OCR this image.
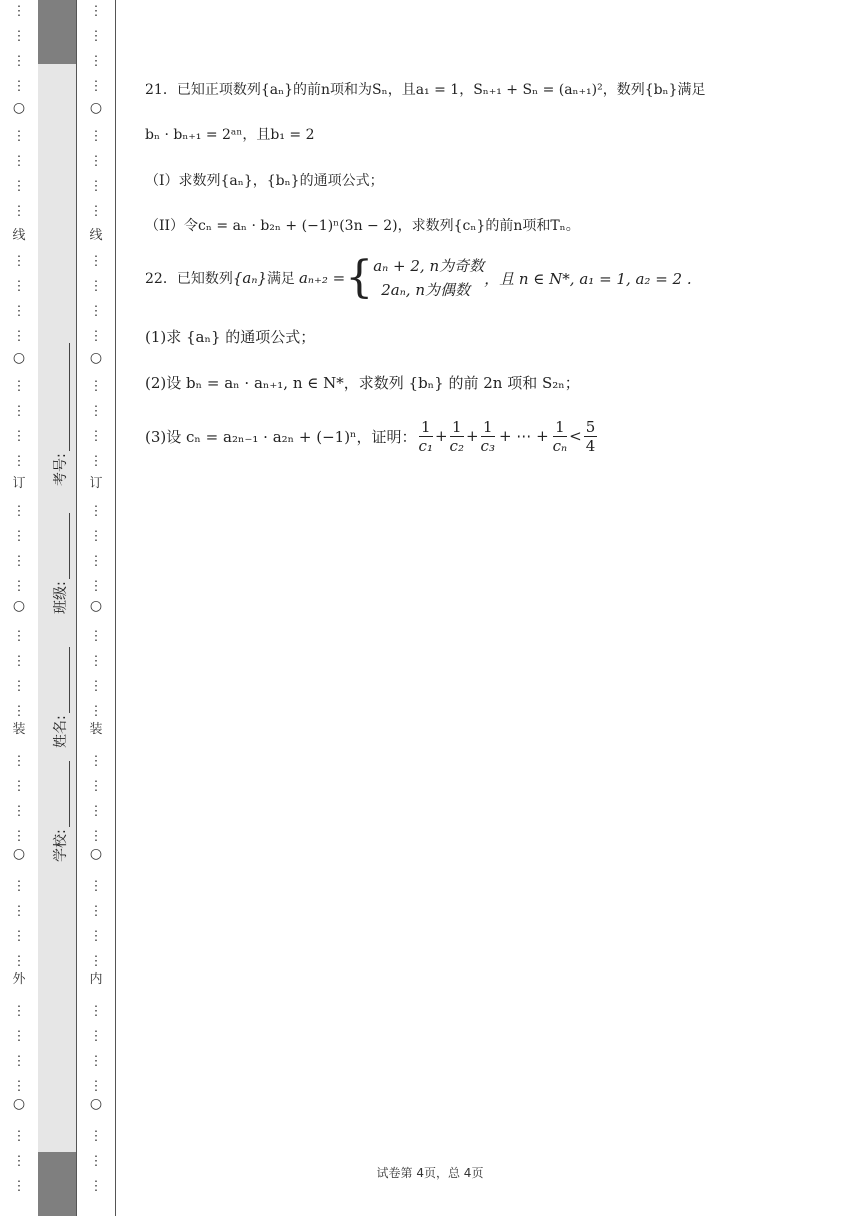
⋮
⋮
⋮
⋮
○
⋮
⋮
⋮
⋮
线
⋮
⋮
⋮
⋮
○
⋮
⋮
⋮
⋮
订
⋮
⋮
⋮
⋮
○
⋮
⋮
⋮
⋮
装
⋮
⋮
⋮
⋮
○
⋮
⋮
⋮
⋮
外
⋮
⋮
⋮
⋮
○
⋮
⋮
⋮
⋮
⋮
⋮
⋮
○
⋮
⋮
⋮
⋮
线
⋮
⋮
⋮
⋮
○
⋮
⋮
⋮
⋮
订
⋮
⋮
⋮
⋮
○
⋮
⋮
⋮
⋮
装
⋮
⋮
⋮
⋮
○
⋮
⋮
⋮
⋮
内
⋮
⋮
⋮
⋮
○
⋮
⋮
⋮
学校:
姓名:
班级:
考号:
21．已知正项数列{aₙ}的前n项和为Sₙ，且a₁ = 1，Sₙ₊₁ + Sₙ = (aₙ₊₁)²，数列{bₙ}满足
bₙ · bₙ₊₁ = 2ᵃⁿ，且b₁ = 2
（I）求数列{aₙ}，{bₙ}的通项公式；
（II）令cₙ = aₙ · b₂ₙ + (−1)ⁿ(3n − 2)，求数列{cₙ}的前n项和Tₙ。
22．已知数列 {aₙ} 满足 aₙ₊₂ = { aₙ + 2, n为奇数
2aₙ, n为偶数
，且 n ∈ N*, a₁ = 1, a₂ = 2 .
(1)求 {aₙ} 的通项公式；
(2)设 bₙ = aₙ · aₙ₊₁, n ∈ N*，求数列 {bₙ} 的前 2n 项和 S₂ₙ；
(3)设 cₙ = a₂ₙ₋₁ · a₂ₙ + (−1)ⁿ，证明： $\frac{1}{\text{c₁}} + \frac{1}{\text{c₂}} + \frac{1}{\text{c₃}}$ + ⋯ + $\frac{1}{\text{cₙ}} < \frac{5}{4}$
试卷第 4页，总 4页
